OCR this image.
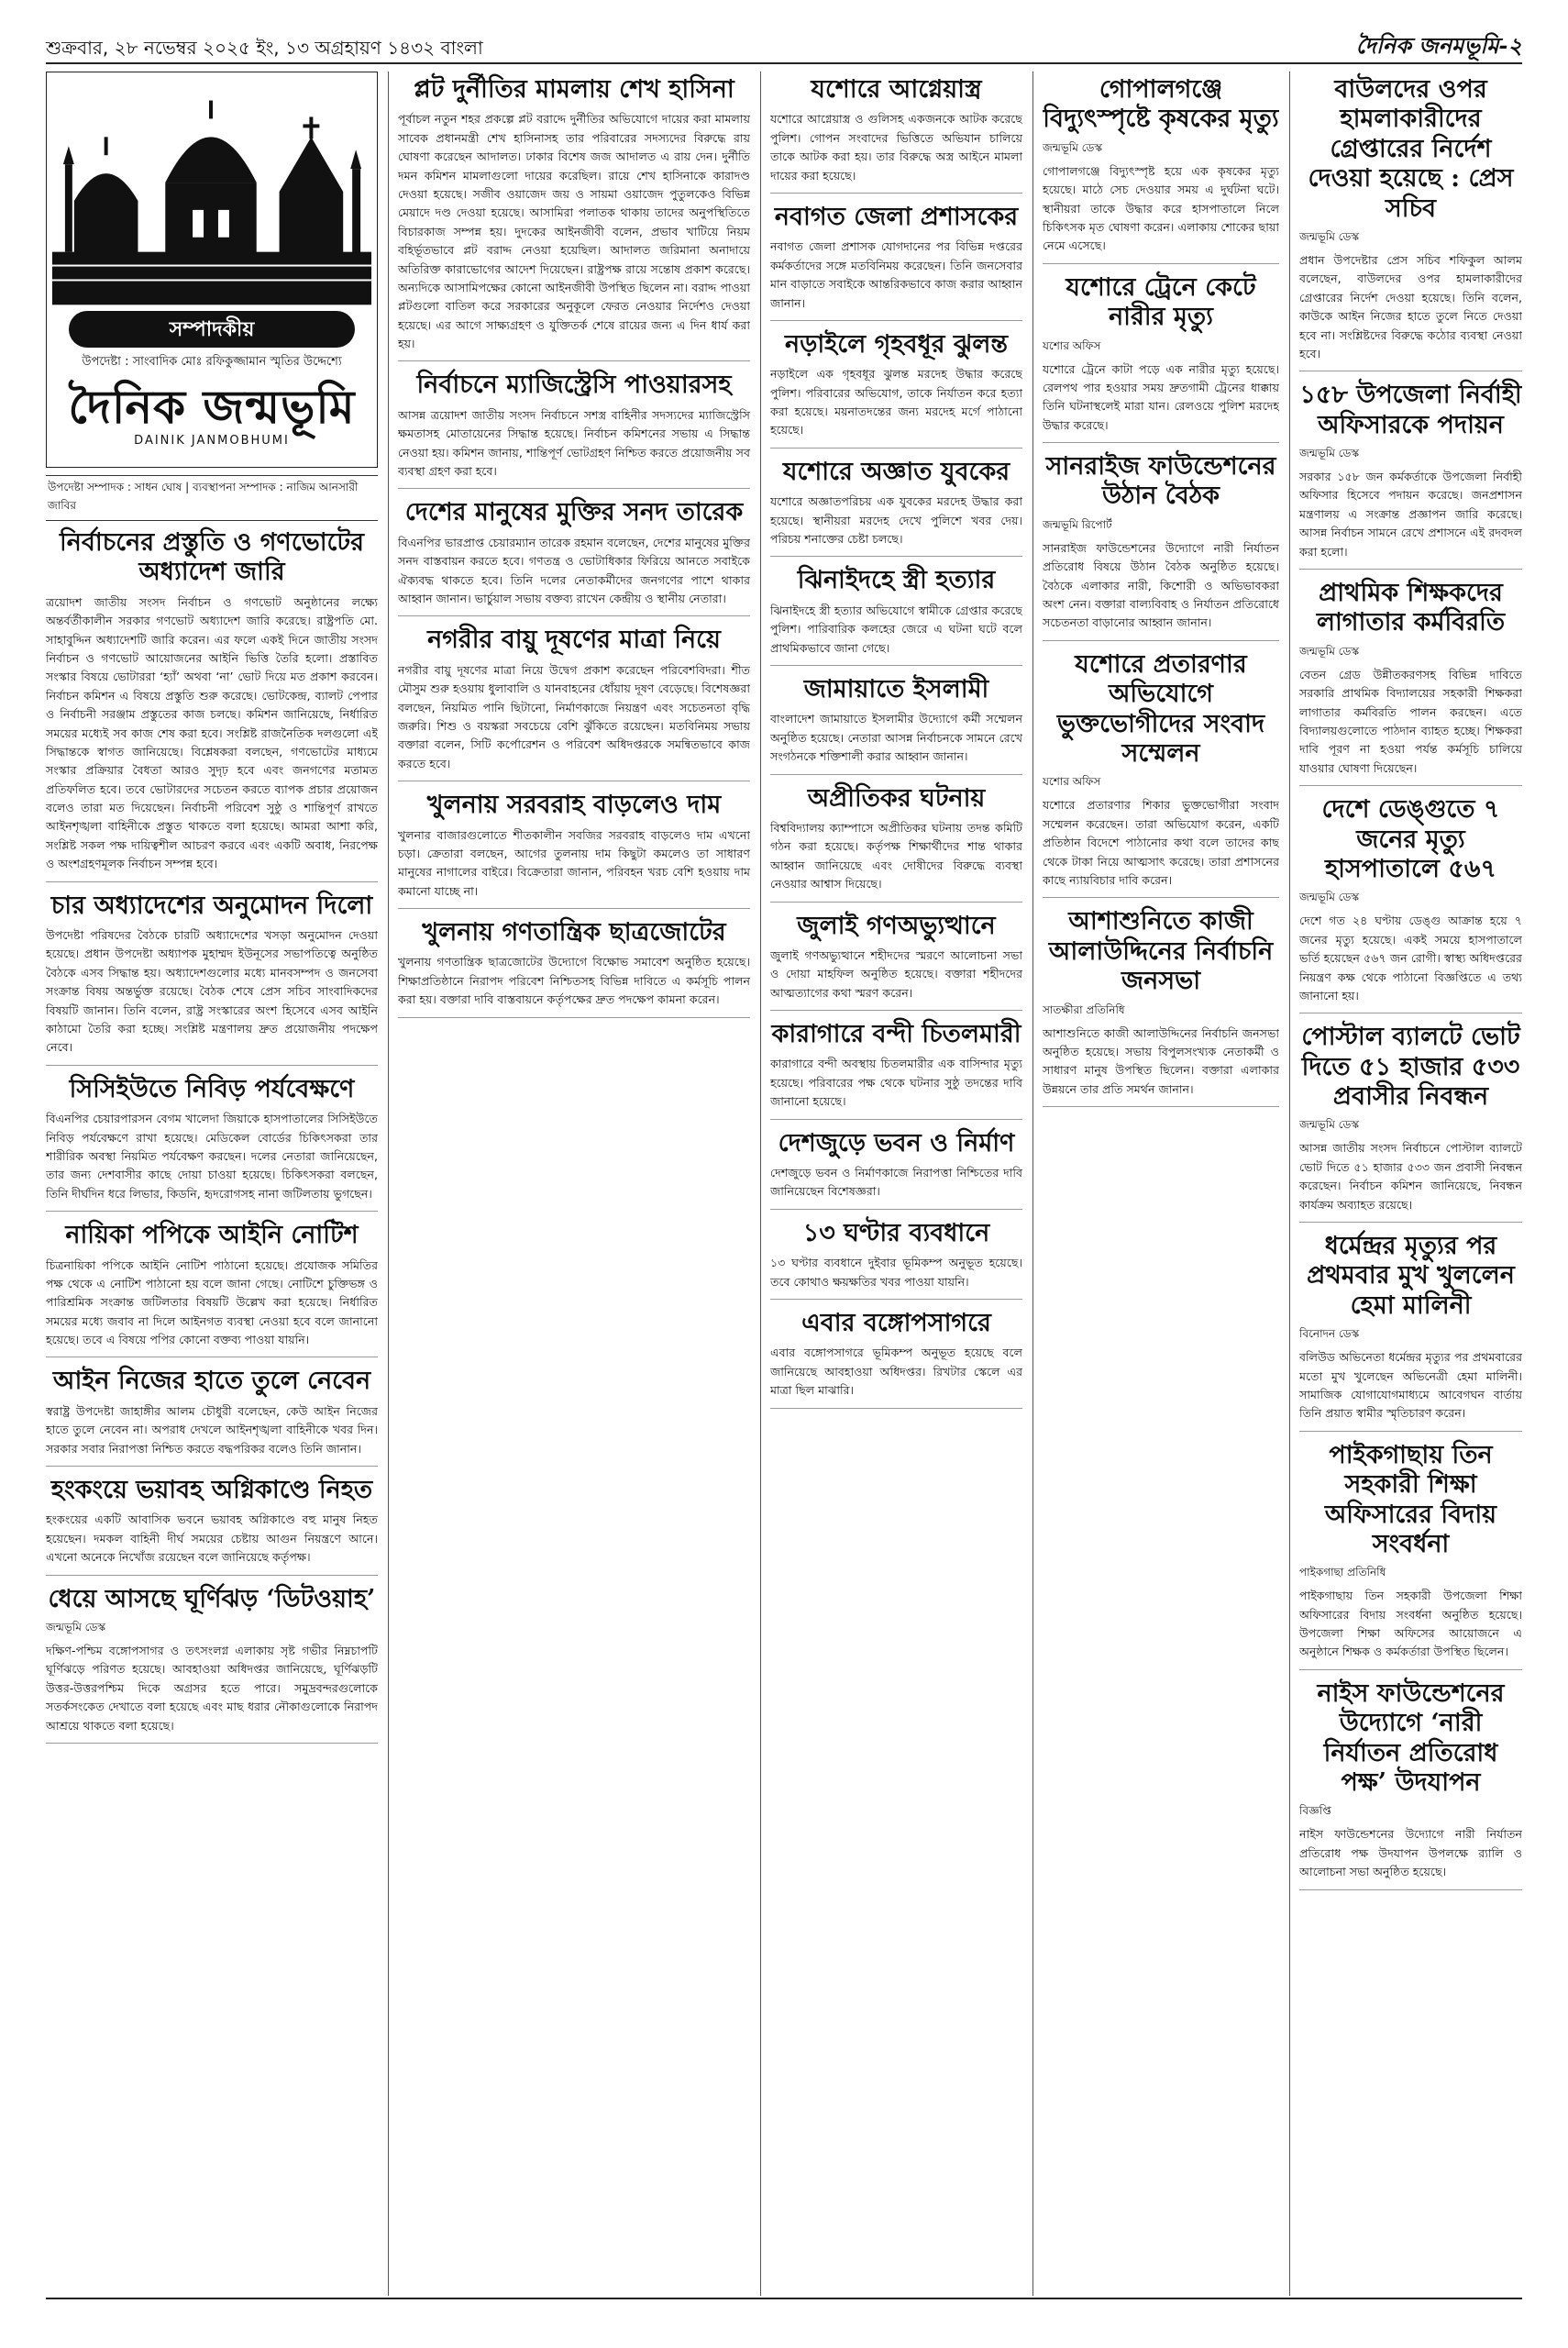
শুক্রবার, ২৮ নভেম্বর ২০২৫ ইং, ১৩ অগ্রহায়ণ ১৪৩২ বাংলা	দৈনিক জনমভূমি-২
সম্পাদকীয়
উপদেষ্টা : সাংবাদিক মোঃ রফিকুজ্জামান স্মৃতির উদ্দেশ্যে
দৈনিক জন্মভূমি
DAINIK JANMOBHUMI
উপদেষ্টা সম্পাদক : সাধন ঘোষ | ব্যবস্থাপনা সম্পাদক : নাজিম আনসারী জাবির
নির্বাচনের প্রস্তুতি ও গণভোটের অধ্যাদেশ জারি

ত্রয়োদশ জাতীয় সংসদ নির্বাচন ও গণভোট অনুষ্ঠানের লক্ষ্যে অন্তর্বর্তীকালীন সরকার গণভোট অধ্যাদেশ জারি করেছে। রাষ্ট্রপতি মো. সাহাবুদ্দিন অধ্যাদেশটি জারি করেন। এর ফলে একই দিনে জাতীয় সংসদ নির্বাচন ও গণভোট আয়োজনের আইনি ভিত্তি তৈরি হলো। প্রস্তাবিত সংস্কার বিষয়ে ভোটাররা ‘হ্যাঁ’ অথবা ‘না’ ভোট দিয়ে মত প্রকাশ করবেন। নির্বাচন কমিশন এ বিষয়ে প্রস্তুতি শুরু করেছে। ভোটকেন্দ্র, ব্যালট পেপার ও নির্বাচনী সরঞ্জাম প্রস্তুতের কাজ চলছে। কমিশন জানিয়েছে, নির্ধারিত সময়ের মধ্যেই সব কাজ শেষ করা হবে। সংশ্লিষ্ট রাজনৈতিক দলগুলো এই সিদ্ধান্তকে স্বাগত জানিয়েছে। বিশ্লেষকরা বলছেন, গণভোটের মাধ্যমে সংস্কার প্রক্রিয়ার বৈধতা আরও সুদৃঢ় হবে এবং জনগণের মতামত প্রতিফলিত হবে। তবে ভোটারদের সচেতন করতে ব্যাপক প্রচার প্রয়োজন বলেও তারা মত দিয়েছেন। নির্বাচনী পরিবেশ সুষ্ঠু ও শান্তিপূর্ণ রাখতে আইনশৃঙ্খলা বাহিনীকে প্রস্তুত থাকতে বলা হয়েছে। আমরা আশা করি, সংশ্লিষ্ট সকল পক্ষ দায়িত্বশীল আচরণ করবে এবং একটি অবাধ, নিরপেক্ষ ও অংশগ্রহণমূলক নির্বাচন সম্পন্ন হবে।

চার অধ্যাদেশের অনুমোদন দিলো

উপদেষ্টা পরিষদের বৈঠকে চারটি অধ্যাদেশের খসড়া অনুমোদন দেওয়া হয়েছে। প্রধান উপদেষ্টা অধ্যাপক মুহাম্মদ ইউনূসের সভাপতিত্বে অনুষ্ঠিত বৈঠকে এসব সিদ্ধান্ত হয়। অধ্যাদেশগুলোর মধ্যে মানবসম্পদ ও জনসেবা সংক্রান্ত বিষয় অন্তর্ভুক্ত রয়েছে। বৈঠক শেষে প্রেস সচিব সাংবাদিকদের বিষয়টি জানান। তিনি বলেন, রাষ্ট্র সংস্কারের অংশ হিসেবে এসব আইনি কাঠামো তৈরি করা হচ্ছে। সংশ্লিষ্ট মন্ত্রণালয় দ্রুত প্রয়োজনীয় পদক্ষেপ নেবে।

সিসিইউতে নিবিড় পর্যবেক্ষণে

বিএনপির চেয়ারপারসন বেগম খালেদা জিয়াকে হাসপাতালের সিসিইউতে নিবিড় পর্যবেক্ষণে রাখা হয়েছে। মেডিকেল বোর্ডের চিকিৎসকরা তার শারীরিক অবস্থা নিয়মিত পর্যবেক্ষণ করছেন। দলের নেতারা জানিয়েছেন, তার জন্য দেশবাসীর কাছে দোয়া চাওয়া হয়েছে। চিকিৎসকরা বলছেন, তিনি দীর্ঘদিন ধরে লিভার, কিডনি, হৃদরোগসহ নানা জটিলতায় ভুগছেন।

নায়িকা পপিকে আইনি নোটিশ

চিত্রনায়িকা পপিকে আইনি নোটিশ পাঠানো হয়েছে। প্রযোজক সমিতির পক্ষ থেকে এ নোটিশ পাঠানো হয় বলে জানা গেছে। নোটিশে চুক্তিভঙ্গ ও পারিশ্রমিক সংক্রান্ত জটিলতার বিষয়টি উল্লেখ করা হয়েছে। নির্ধারিত সময়ের মধ্যে জবাব না দিলে আইনগত ব্যবস্থা নেওয়া হবে বলে জানানো হয়েছে। তবে এ বিষয়ে পপির কোনো বক্তব্য পাওয়া যায়নি।

আইন নিজের হাতে তুলে নেবেন

স্বরাষ্ট্র উপদেষ্টা জাহাঙ্গীর আলম চৌধুরী বলেছেন, কেউ আইন নিজের হাতে তুলে নেবেন না। অপরাধ দেখলে আইনশৃঙ্খলা বাহিনীকে খবর দিন। সরকার সবার নিরাপত্তা নিশ্চিত করতে বদ্ধপরিকর বলেও তিনি জানান।

হংকংয়ে ভয়াবহ অগ্নিকাণ্ডে নিহত

হংকংয়ের একটি আবাসিক ভবনে ভয়াবহ অগ্নিকাণ্ডে বহু মানুষ নিহত হয়েছেন। দমকল বাহিনী দীর্ঘ সময়ের চেষ্টায় আগুন নিয়ন্ত্রণে আনে। এখনো অনেকে নিখোঁজ রয়েছেন বলে জানিয়েছে কর্তৃপক্ষ।

ধেয়ে আসছে ঘূর্ণিঝড় ‘ডিটওয়াহ’
জন্মভূমি ডেস্ক

দক্ষিণ-পশ্চিম বঙ্গোপসাগর ও তৎসংলগ্ন এলাকায় সৃষ্ট গভীর নিম্নচাপটি ঘূর্ণিঝড়ে পরিণত হয়েছে। আবহাওয়া অধিদপ্তর জানিয়েছে, ঘূর্ণিঝড়টি উত্তর-উত্তরপশ্চিম দিকে অগ্রসর হতে পারে। সমুদ্রবন্দরগুলোকে সতর্কসংকেত দেখাতে বলা হয়েছে এবং মাছ ধরার নৌকাগুলোকে নিরাপদ আশ্রয়ে থাকতে বলা হয়েছে।

প্লট দুর্নীতির মামলায় শেখ হাসিনা

পূর্বাচল নতুন শহর প্রকল্পে প্লট বরাদ্দে দুর্নীতির অভিযোগে দায়ের করা মামলায় সাবেক প্রধানমন্ত্রী শেখ হাসিনাসহ তার পরিবারের সদস্যদের বিরুদ্ধে রায় ঘোষণা করেছেন আদালত। ঢাকার বিশেষ জজ আদালত এ রায় দেন। দুর্নীতি দমন কমিশন মামলাগুলো দায়ের করেছিল। রায়ে শেখ হাসিনাকে কারাদণ্ড দেওয়া হয়েছে। সজীব ওয়াজেদ জয় ও সায়মা ওয়াজেদ পুতুলকেও বিভিন্ন মেয়াদে দণ্ড দেওয়া হয়েছে। আসামিরা পলাতক থাকায় তাদের অনুপস্থিতিতে বিচারকাজ সম্পন্ন হয়। দুদকের আইনজীবী বলেন, প্রভাব খাটিয়ে নিয়ম বহির্ভূতভাবে প্লট বরাদ্দ নেওয়া হয়েছিল। আদালত জরিমানা অনাদায়ে অতিরিক্ত কারাভোগের আদেশ দিয়েছেন। রাষ্ট্রপক্ষ রায়ে সন্তোষ প্রকাশ করেছে। অন্যদিকে আসামিপক্ষের কোনো আইনজীবী উপস্থিত ছিলেন না। বরাদ্দ পাওয়া প্লটগুলো বাতিল করে সরকারের অনুকূলে ফেরত নেওয়ার নির্দেশও দেওয়া হয়েছে। এর আগে সাক্ষ্যগ্রহণ ও যুক্তিতর্ক শেষে রায়ের জন্য এ দিন ধার্য করা হয়।

নির্বাচনে ম্যাজিস্ট্রেসি পাওয়ারসহ

আসন্ন ত্রয়োদশ জাতীয় সংসদ নির্বাচনে সশস্ত্র বাহিনীর সদস্যদের ম্যাজিস্ট্রেসি ক্ষমতাসহ মোতায়েনের সিদ্ধান্ত হয়েছে। নির্বাচন কমিশনের সভায় এ সিদ্ধান্ত নেওয়া হয়। কমিশন জানায়, শান্তিপূর্ণ ভোটগ্রহণ নিশ্চিত করতে প্রয়োজনীয় সব ব্যবস্থা গ্রহণ করা হবে।

দেশের মানুষের মুক্তির সনদ তারেক

বিএনপির ভারপ্রাপ্ত চেয়ারম্যান তারেক রহমান বলেছেন, দেশের মানুষের মুক্তির সনদ বাস্তবায়ন করতে হবে। গণতন্ত্র ও ভোটাধিকার ফিরিয়ে আনতে সবাইকে ঐক্যবদ্ধ থাকতে হবে। তিনি দলের নেতাকর্মীদের জনগণের পাশে থাকার আহ্বান জানান। ভার্চুয়াল সভায় বক্তব্য রাখেন কেন্দ্রীয় ও স্থানীয় নেতারা।

নগরীর বায়ু দূষণের মাত্রা নিয়ে

নগরীর বায়ু দূষণের মাত্রা নিয়ে উদ্বেগ প্রকাশ করেছেন পরিবেশবিদরা। শীত মৌসুম শুরু হওয়ায় ধুলাবালি ও যানবাহনের ধোঁয়ায় দূষণ বেড়েছে। বিশেষজ্ঞরা বলছেন, নিয়মিত পানি ছিটানো, নির্মাণকাজে নিয়ন্ত্রণ এবং সচেতনতা বৃদ্ধি জরুরি। শিশু ও বয়স্করা সবচেয়ে বেশি ঝুঁকিতে রয়েছেন। মতবিনিময় সভায় বক্তারা বলেন, সিটি কর্পোরেশন ও পরিবেশ অধিদপ্তরকে সমন্বিতভাবে কাজ করতে হবে।

খুলনায় সরবরাহ বাড়লেও দাম

খুলনার বাজারগুলোতে শীতকালীন সবজির সরবরাহ বাড়লেও দাম এখনো চড়া। ক্রেতারা বলছেন, আগের তুলনায় দাম কিছুটা কমলেও তা সাধারণ মানুষের নাগালের বাইরে। বিক্রেতারা জানান, পরিবহন খরচ বেশি হওয়ায় দাম কমানো যাচ্ছে না।

খুলনায় গণতান্ত্রিক ছাত্রজোটের

খুলনায় গণতান্ত্রিক ছাত্রজোটের উদ্যোগে বিক্ষোভ সমাবেশ অনুষ্ঠিত হয়েছে। শিক্ষাপ্রতিষ্ঠানে নিরাপদ পরিবেশ নিশ্চিতসহ বিভিন্ন দাবিতে এ কর্মসূচি পালন করা হয়। বক্তারা দাবি বাস্তবায়নে কর্তৃপক্ষের দ্রুত পদক্ষেপ কামনা করেন।

যশোরে আগ্নেয়াস্ত্র

যশোরে আগ্নেয়াস্ত্র ও গুলিসহ একজনকে আটক করেছে পুলিশ। গোপন সংবাদের ভিত্তিতে অভিযান চালিয়ে তাকে আটক করা হয়। তার বিরুদ্ধে অস্ত্র আইনে মামলা দায়ের করা হয়েছে।

নবাগত জেলা প্রশাসকের

নবাগত জেলা প্রশাসক যোগদানের পর বিভিন্ন দপ্তরের কর্মকর্তাদের সঙ্গে মতবিনিময় করেছেন। তিনি জনসেবার মান বাড়াতে সবাইকে আন্তরিকভাবে কাজ করার আহ্বান জানান।

নড়াইলে গৃহবধূর ঝুলন্ত

নড়াইলে এক গৃহবধূর ঝুলন্ত মরদেহ উদ্ধার করেছে পুলিশ। পরিবারের অভিযোগ, তাকে নির্যাতন করে হত্যা করা হয়েছে। ময়নাতদন্তের জন্য মরদেহ মর্গে পাঠানো হয়েছে।

যশোরে অজ্ঞাত যুবকের

যশোরে অজ্ঞাতপরিচয় এক যুবকের মরদেহ উদ্ধার করা হয়েছে। স্থানীয়রা মরদেহ দেখে পুলিশে খবর দেয়। পরিচয় শনাক্তের চেষ্টা চলছে।

ঝিনাইদহে স্ত্রী হত্যার

ঝিনাইদহে স্ত্রী হত্যার অভিযোগে স্বামীকে গ্রেপ্তার করেছে পুলিশ। পারিবারিক কলহের জেরে এ ঘটনা ঘটে বলে প্রাথমিকভাবে জানা গেছে।

জামায়াতে ইসলামী

বাংলাদেশ জামায়াতে ইসলামীর উদ্যোগে কর্মী সম্মেলন অনুষ্ঠিত হয়েছে। নেতারা আসন্ন নির্বাচনকে সামনে রেখে সংগঠনকে শক্তিশালী করার আহ্বান জানান।

অপ্রীতিকর ঘটনায়

বিশ্ববিদ্যালয় ক্যাম্পাসে অপ্রীতিকর ঘটনায় তদন্ত কমিটি গঠন করা হয়েছে। কর্তৃপক্ষ শিক্ষার্থীদের শান্ত থাকার আহ্বান জানিয়েছে এবং দোষীদের বিরুদ্ধে ব্যবস্থা নেওয়ার আশ্বাস দিয়েছে।

জুলাই গণঅভ্যুত্থানে

জুলাই গণঅভ্যুত্থানে শহীদদের স্মরণে আলোচনা সভা ও দোয়া মাহফিল অনুষ্ঠিত হয়েছে। বক্তারা শহীদদের আত্মত্যাগের কথা স্মরণ করেন।

কারাগারে বন্দী চিতলমারী

কারাগারে বন্দী অবস্থায় চিতলমারীর এক বাসিন্দার মৃত্যু হয়েছে। পরিবারের পক্ষ থেকে ঘটনার সুষ্ঠু তদন্তের দাবি জানানো হয়েছে।

দেশজুড়ে ভবন ও নির্মাণ

দেশজুড়ে ভবন ও নির্মাণকাজে নিরাপত্তা নিশ্চিতের দাবি জানিয়েছেন বিশেষজ্ঞরা।

১৩ ঘণ্টার ব্যবধানে

১৩ ঘণ্টার ব্যবধানে দুইবার ভূমিকম্প অনুভূত হয়েছে। তবে কোথাও ক্ষয়ক্ষতির খবর পাওয়া যায়নি।

এবার বঙ্গোপসাগরে

এবার বঙ্গোপসাগরে ভূমিকম্প অনুভূত হয়েছে বলে জানিয়েছে আবহাওয়া অধিদপ্তর। রিখটার স্কেলে এর মাত্রা ছিল মাঝারি।

গোপালগঞ্জে বিদ্যুৎস্পৃষ্টে কৃষকের মৃত্যু
জন্মভূমি ডেস্ক

গোপালগঞ্জে বিদ্যুৎস্পৃষ্ট হয়ে এক কৃষকের মৃত্যু হয়েছে। মাঠে সেচ দেওয়ার সময় এ দুর্ঘটনা ঘটে। স্থানীয়রা তাকে উদ্ধার করে হাসপাতালে নিলে চিকিৎসক মৃত ঘোষণা করেন। এলাকায় শোকের ছায়া নেমে এসেছে।

যশোরে ট্রেনে কেটে নারীর মৃত্যু
যশোর অফিস

যশোরে ট্রেনে কাটা পড়ে এক নারীর মৃত্যু হয়েছে। রেলপথ পার হওয়ার সময় দ্রুতগামী ট্রেনের ধাক্কায় তিনি ঘটনাস্থলেই মারা যান। রেলওয়ে পুলিশ মরদেহ উদ্ধার করেছে।

সানরাইজ ফাউন্ডেশনের উঠান বৈঠক
জন্মভূমি রিপোর্ট

সানরাইজ ফাউন্ডেশনের উদ্যোগে নারী নির্যাতন প্রতিরোধ বিষয়ে উঠান বৈঠক অনুষ্ঠিত হয়েছে। বৈঠকে এলাকার নারী, কিশোরী ও অভিভাবকরা অংশ নেন। বক্তারা বাল্যবিবাহ ও নির্যাতন প্রতিরোধে সচেতনতা বাড়ানোর আহ্বান জানান।

যশোরে প্রতারণার অভিযোগে ভুক্তভোগীদের সংবাদ সম্মেলন
যশোর অফিস

যশোরে প্রতারণার শিকার ভুক্তভোগীরা সংবাদ সম্মেলন করেছেন। তারা অভিযোগ করেন, একটি প্রতিষ্ঠান বিদেশে পাঠানোর কথা বলে তাদের কাছ থেকে টাকা নিয়ে আত্মসাৎ করেছে। তারা প্রশাসনের কাছে ন্যায়বিচার দাবি করেন।

আশাশুনিতে কাজী আলাউদ্দিনের নির্বাচনি জনসভা
সাতক্ষীরা প্রতিনিধি

আশাশুনিতে কাজী আলাউদ্দিনের নির্বাচনি জনসভা অনুষ্ঠিত হয়েছে। সভায় বিপুলসংখ্যক নেতাকর্মী ও সাধারণ মানুষ উপস্থিত ছিলেন। বক্তারা এলাকার উন্নয়নে তার প্রতি সমর্থন জানান।

বাউলদের ওপর হামলাকারীদের গ্রেপ্তারের নির্দেশ দেওয়া হয়েছে : প্রেস সচিব
জন্মভূমি ডেস্ক

প্রধান উপদেষ্টার প্রেস সচিব শফিকুল আলম বলেছেন, বাউলদের ওপর হামলাকারীদের গ্রেপ্তারের নির্দেশ দেওয়া হয়েছে। তিনি বলেন, কাউকে আইন নিজের হাতে তুলে নিতে দেওয়া হবে না। সংশ্লিষ্টদের বিরুদ্ধে কঠোর ব্যবস্থা নেওয়া হবে।

১৫৮ উপজেলা নির্বাহী অফিসারকে পদায়ন
জন্মভূমি ডেস্ক

সরকার ১৫৮ জন কর্মকর্তাকে উপজেলা নির্বাহী অফিসার হিসেবে পদায়ন করেছে। জনপ্রশাসন মন্ত্রণালয় এ সংক্রান্ত প্রজ্ঞাপন জারি করেছে। আসন্ন নির্বাচন সামনে রেখে প্রশাসনে এই রদবদল করা হলো।

প্রাথমিক শিক্ষকদের লাগাতার কর্মবিরতি
জন্মভূমি ডেস্ক

বেতন গ্রেড উন্নীতকরণসহ বিভিন্ন দাবিতে সরকারি প্রাথমিক বিদ্যালয়ের সহকারী শিক্ষকরা লাগাতার কর্মবিরতি পালন করছেন। এতে বিদ্যালয়গুলোতে পাঠদান ব্যাহত হচ্ছে। শিক্ষকরা দাবি পূরণ না হওয়া পর্যন্ত কর্মসূচি চালিয়ে যাওয়ার ঘোষণা দিয়েছেন।

দেশে ডেঙ্গুতে ৭ জনের মৃত্যু হাসপাতালে ৫৬৭
জন্মভূমি ডেস্ক

দেশে গত ২৪ ঘণ্টায় ডেঙ্গু আক্রান্ত হয়ে ৭ জনের মৃত্যু হয়েছে। একই সময়ে হাসপাতালে ভর্তি হয়েছেন ৫৬৭ জন রোগী। স্বাস্থ্য অধিদপ্তরের নিয়ন্ত্রণ কক্ষ থেকে পাঠানো বিজ্ঞপ্তিতে এ তথ্য জানানো হয়।

পোস্টাল ব্যালটে ভোট দিতে ৫১ হাজার ৫৩৩ প্রবাসীর নিবন্ধন
জন্মভূমি ডেস্ক

আসন্ন জাতীয় সংসদ নির্বাচনে পোস্টাল ব্যালটে ভোট দিতে ৫১ হাজার ৫৩৩ জন প্রবাসী নিবন্ধন করেছেন। নির্বাচন কমিশন জানিয়েছে, নিবন্ধন কার্যক্রম অব্যাহত রয়েছে।

ধর্মেন্দ্রর মৃত্যুর পর প্রথমবার মুখ খুললেন হেমা মালিনী
বিনোদন ডেস্ক

বলিউড অভিনেতা ধর্মেন্দ্রর মৃত্যুর পর প্রথমবারের মতো মুখ খুলেছেন অভিনেত্রী হেমা মালিনী। সামাজিক যোগাযোগমাধ্যমে আবেগঘন বার্তায় তিনি প্রয়াত স্বামীর স্মৃতিচারণ করেন।

পাইকগাছায় তিন সহকারী শিক্ষা অফিসারের বিদায় সংবর্ধনা
পাইকগাছা প্রতিনিধি

পাইকগাছায় তিন সহকারী উপজেলা শিক্ষা অফিসারের বিদায় সংবর্ধনা অনুষ্ঠিত হয়েছে। উপজেলা শিক্ষা অফিসের আয়োজনে এ অনুষ্ঠানে শিক্ষক ও কর্মকর্তারা উপস্থিত ছিলেন।

নাইস ফাউন্ডেশনের উদ্যোগে ‘নারী নির্যাতন প্রতিরোধ পক্ষ’ উদযাপন
বিজ্ঞপ্তি

নাইস ফাউন্ডেশনের উদ্যোগে নারী নির্যাতন প্রতিরোধ পক্ষ উদযাপন উপলক্ষে র‍্যালি ও আলোচনা সভা অনুষ্ঠিত হয়েছে।
